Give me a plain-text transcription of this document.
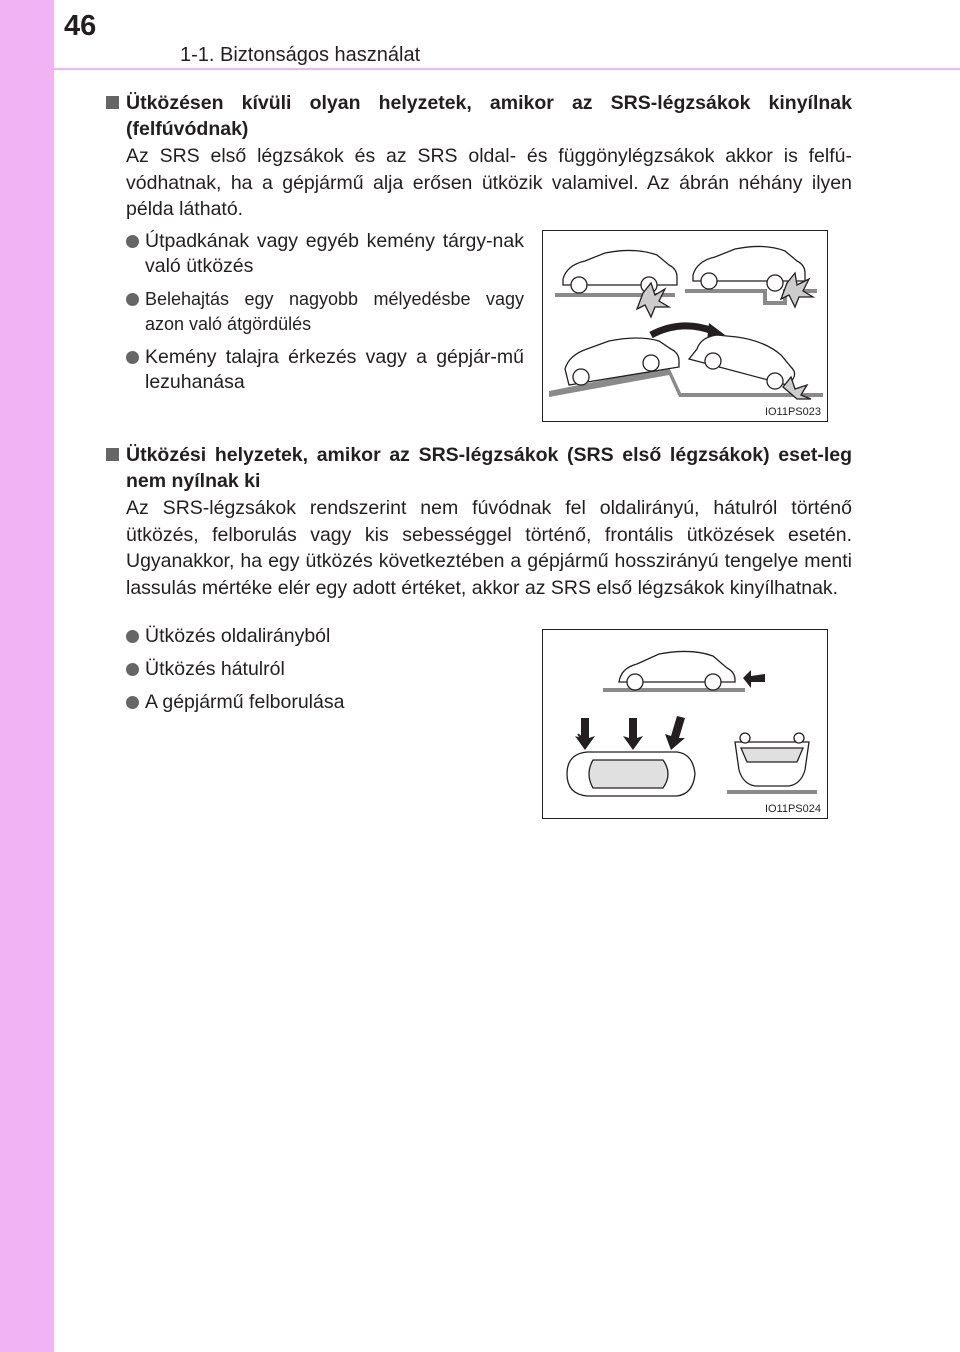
46
1-1. Biztonságos használat
Ütközésen kívüli olyan helyzetek, amikor az SRS-légzsákok kinyílnak (felfúvódnak)
Az SRS első légzsákok és az SRS oldal- és függönylégzsákok akkor is felfú-vódhatnak, ha a gépjármű alja erősen ütközik valamivel. Az ábrán néhány ilyen példa látható.
Útpadkának vagy egyéb kemény tárgy-nak való ütközés
Belehajtás egy nagyobb mélyedésbe vagy azon való átgördülés
Kemény talajra érkezés vagy a gépjár-mű lezuhanása
IO11PS023
Ütközési helyzetek, amikor az SRS-légzsákok (SRS első légzsákok) eset-leg nem nyílnak ki
Az SRS-légzsákok rendszerint nem fúvódnak fel oldalirányú, hátulról történő ütközés, felborulás vagy kis sebességgel történő, frontális ütközések esetén. Ugyanakkor, ha egy ütközés következtében a gépjármű hosszirányú tengelye menti lassulás mértéke elér egy adott értéket, akkor az SRS első légzsákok kinyílhatnak.
Ütközés oldalirányból
Ütközés hátulról
A gépjármű felborulása
IO11PS024
